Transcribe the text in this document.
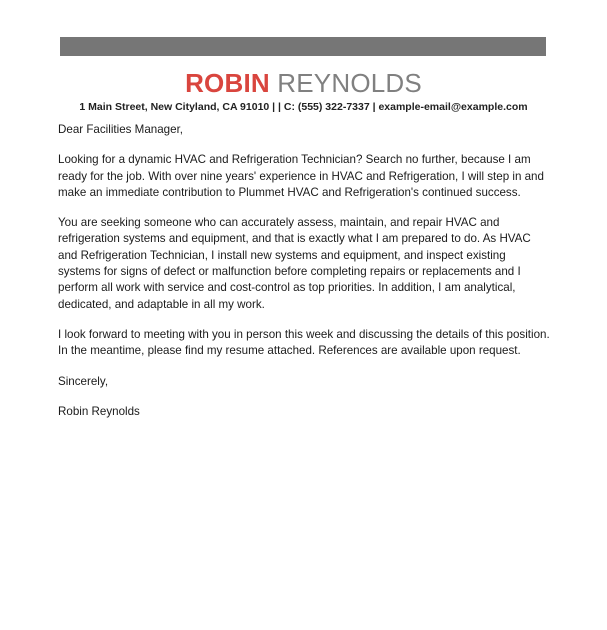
ROBIN REYNOLDS
1 Main Street, New Cityland, CA 91010 | | C: (555) 322-7337 | example-email@example.com

Dear Facilities Manager,

Looking for a dynamic HVAC and Refrigeration Technician? Search no further, because I am ready for the job. With over nine years' experience in HVAC and Refrigeration, I will step in and make an immediate contribution to Plummet HVAC and Refrigeration's continued success.

You are seeking someone who can accurately assess, maintain, and repair HVAC and refrigeration systems and equipment, and that is exactly what I am prepared to do. As HVAC and Refrigeration Technician, I install new systems and equipment, and inspect existing systems for signs of defect or malfunction before completing repairs or replacements and I perform all work with service and cost-control as top priorities. In addition, I am analytical, dedicated, and adaptable in all my work.

I look forward to meeting with you in person this week and discussing the details of this position. In the meantime, please find my resume attached. References are available upon request.

Sincerely,

Robin Reynolds
